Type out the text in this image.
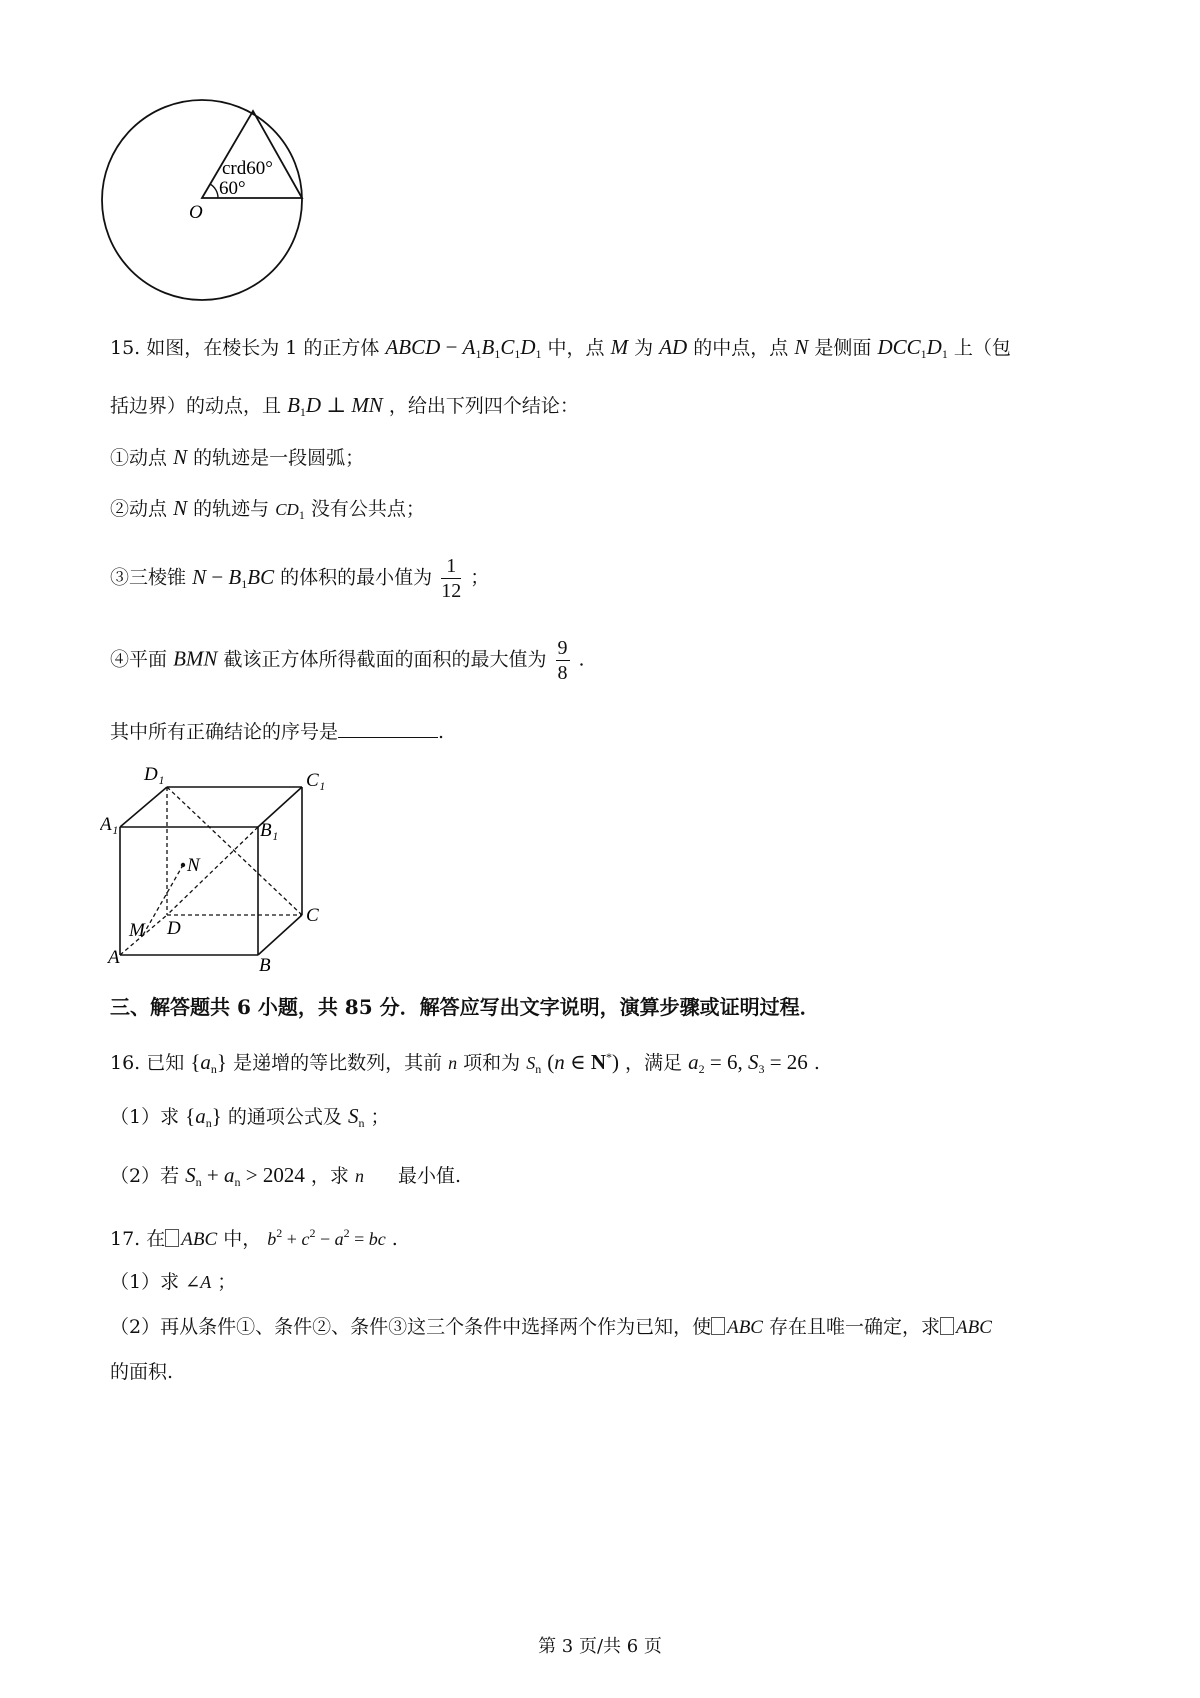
crd60°
60°
O
15. 如图，在棱长为 1 的正方体 ABCD − $A_1B_1C_1D_1$ 中，点 M 为 AD 的中点，点 N 是侧面 $DCC_1D_1$ 上（包
括边界）的动点，且 $B_1D$ ⊥ MN ，给出下列四个结论：
①动点 N 的轨迹是一段圆弧；
②动点 N 的轨迹与 $CD_1$ 没有公共点；
③三棱锥 $N - B_1BC$ 的体积的最小值为 $\frac{1}{12}$ ；
④平面 BMN 截该正方体所得截面的面积的最大值为 $\frac{9}{8}$ .
其中所有正确结论的序号是	.
D₁	C₁
A₁	B₁
N
M D
C
A	B
三、解答题共 6 小题，共 85 分．解答应写出文字说明，演算步骤或证明过程．
16. 已知 $\{a_n\}$ 是递增的等比数列，其前 n 项和为 $S_n$ (n ∈ N*) ，满足 $a_2 = 6$, $S_3 = 26$ .
（1）求 $\{a_n\}$ 的通项公式及 $S_n$ ；
（2）若 $S_n + a_n > 2024$ ，求 n 最小值.
17. 在 ABC 中， $b^2 + c^2 - a^2$ = bc .
（1）求 ∠A ；
（2）再从条件①、条件②、条件③这三个条件中选择两个作为已知，使 ABC 存在且唯一确定，求 ABC
的面积.
第 3 页/共 6 页
